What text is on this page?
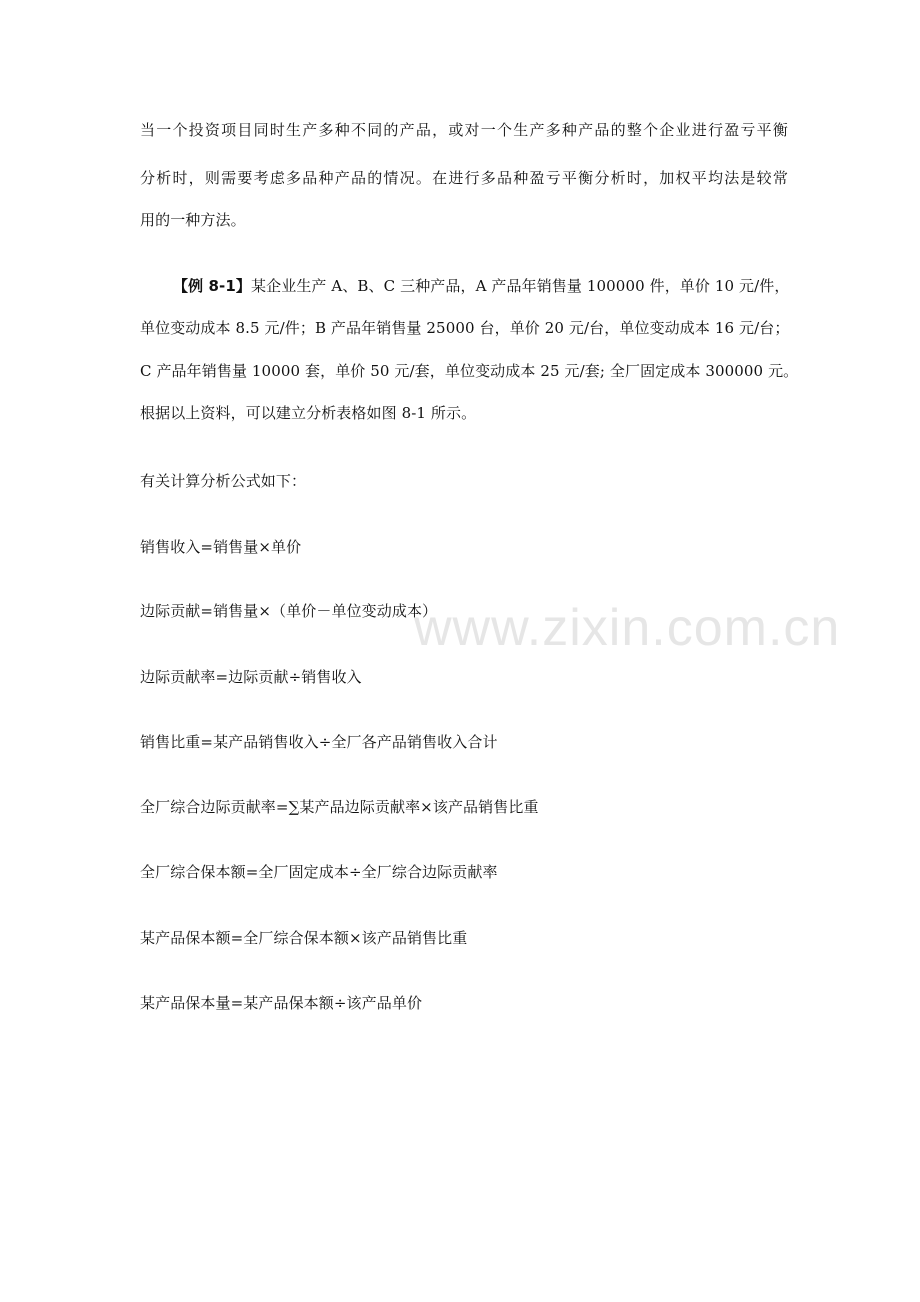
www.zixin.com.cn
当一个投资项目同时生产多种不同的产品，或对一个生产多种产品的整个企业进行盈亏平衡
分析时，则需要考虑多品种产品的情况。在进行多品种盈亏平衡分析时，加权平均法是较常
用的一种方法。
【例 8-1】某企业生产 A、B、C 三种产品，A 产品年销售量 100000 件，单价 10 元/件，
单位变动成本 8.5 元/件；B 产品年销售量 25000 台，单价 20 元/台，单位变动成本 16 元/台；
C 产品年销售量 10000 套，单价 50 元/套，单位变动成本 25 元/套; 全厂固定成本 300000 元。
根据以上资料，可以建立分析表格如图 8-1 所示。
有关计算分析公式如下：
销售收入=销售量×单价
边际贡献=销售量×（单价－单位变动成本）
边际贡献率=边际贡献÷销售收入
销售比重=某产品销售收入÷全厂各产品销售收入合计
全厂综合边际贡献率=∑某产品边际贡献率×该产品销售比重
全厂综合保本额=全厂固定成本÷全厂综合边际贡献率
某产品保本额=全厂综合保本额×该产品销售比重
某产品保本量=某产品保本额÷该产品单价
